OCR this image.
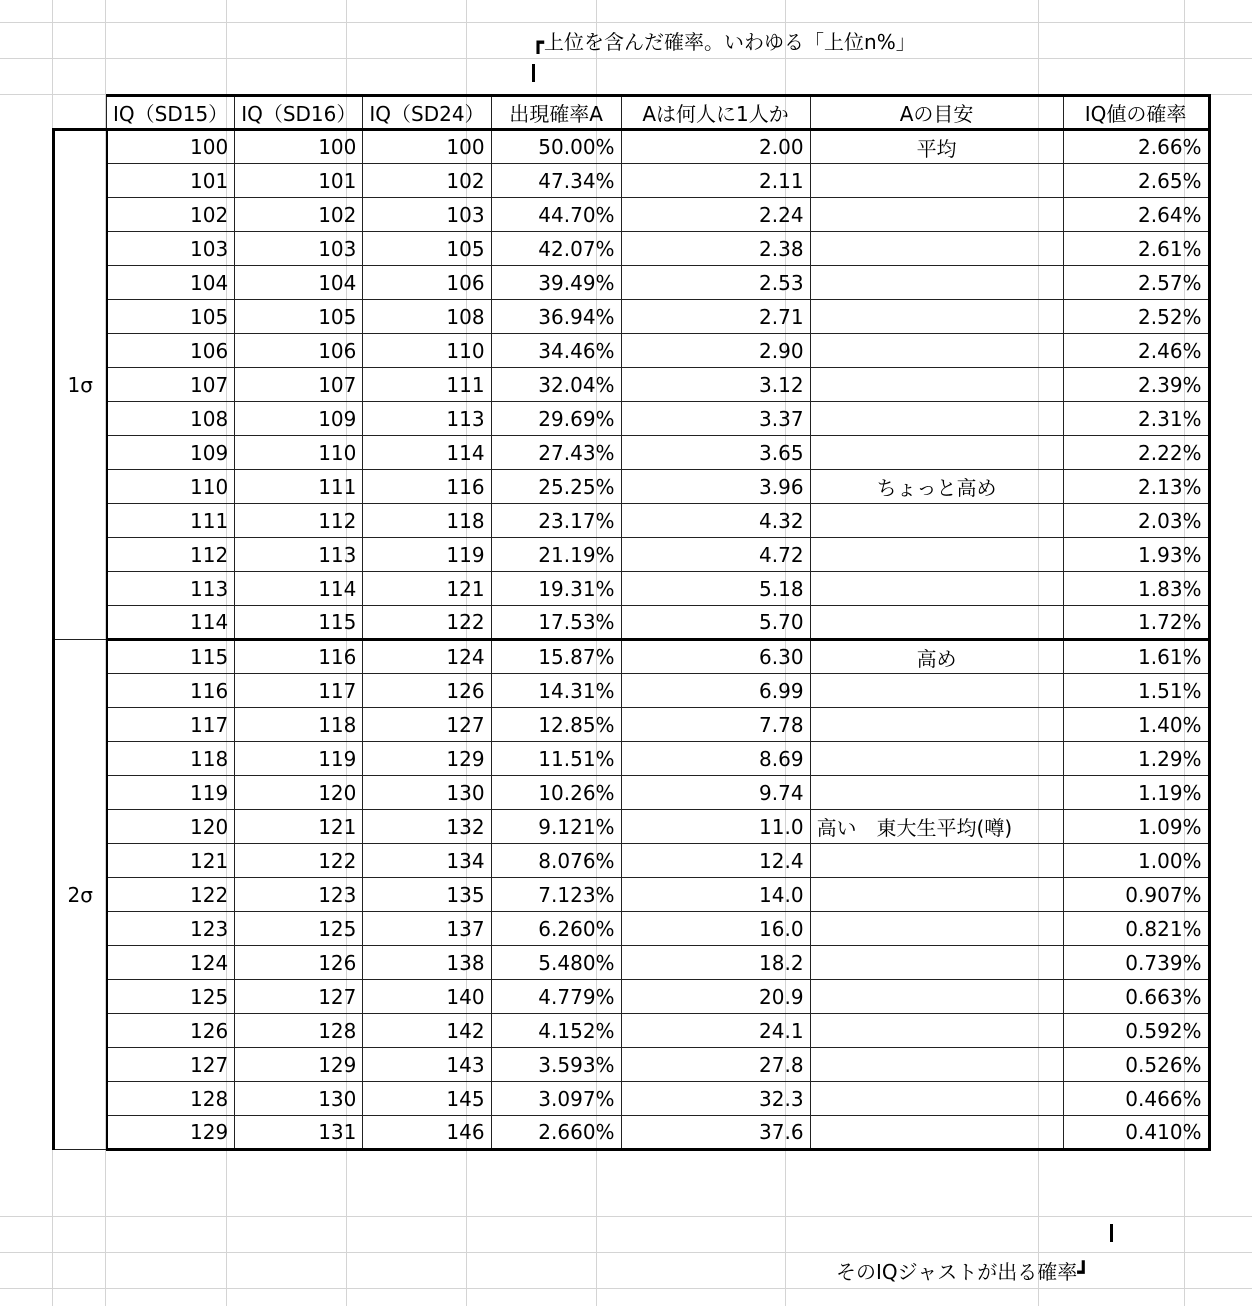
┏上位を含んだ確率。いわゆる「上位n%」
	IQ（SD15）	IQ（SD16）	IQ（SD24）	出現確率A	Aは何人に1人か	Aの目安	IQ値の確率
1σ	100	100	100	50.00%	2.00	平均	2.66%
	101	101	102	47.34%	2.11		2.65%
	102	102	103	44.70%	2.24		2.64%
	103	103	105	42.07%	2.38		2.61%
	104	104	106	39.49%	2.53		2.57%
	105	105	108	36.94%	2.71		2.52%
	106	106	110	34.46%	2.90		2.46%
	107	107	111	32.04%	3.12		2.39%
	108	109	113	29.69%	3.37		2.31%
	109	110	114	27.43%	3.65		2.22%
	110	111	116	25.25%	3.96	ちょっと高め	2.13%
	111	112	118	23.17%	4.32		2.03%
	112	113	119	21.19%	4.72		1.93%
	113	114	121	19.31%	5.18		1.83%
	114	115	122	17.53%	5.70		1.72%
2σ	115	116	124	15.87%	6.30	高め	1.61%
	116	117	126	14.31%	6.99		1.51%
	117	118	127	12.85%	7.78		1.40%
	118	119	129	11.51%	8.69		1.29%
	119	120	130	10.26%	9.74		1.19%
	120	121	132	9.121%	11.0	高い　東大生平均(噂)	1.09%
	121	122	134	8.076%	12.4		1.00%
	122	123	135	7.123%	14.0		0.907%
	123	125	137	6.260%	16.0		0.821%
	124	126	138	5.480%	18.2		0.739%
	125	127	140	4.779%	20.9		0.663%
	126	128	142	4.152%	24.1		0.592%
	127	129	143	3.593%	27.8		0.526%
	128	130	145	3.097%	32.3		0.466%
	129	131	146	2.660%	37.6		0.410%
そのIQジャストが出る確率┛
